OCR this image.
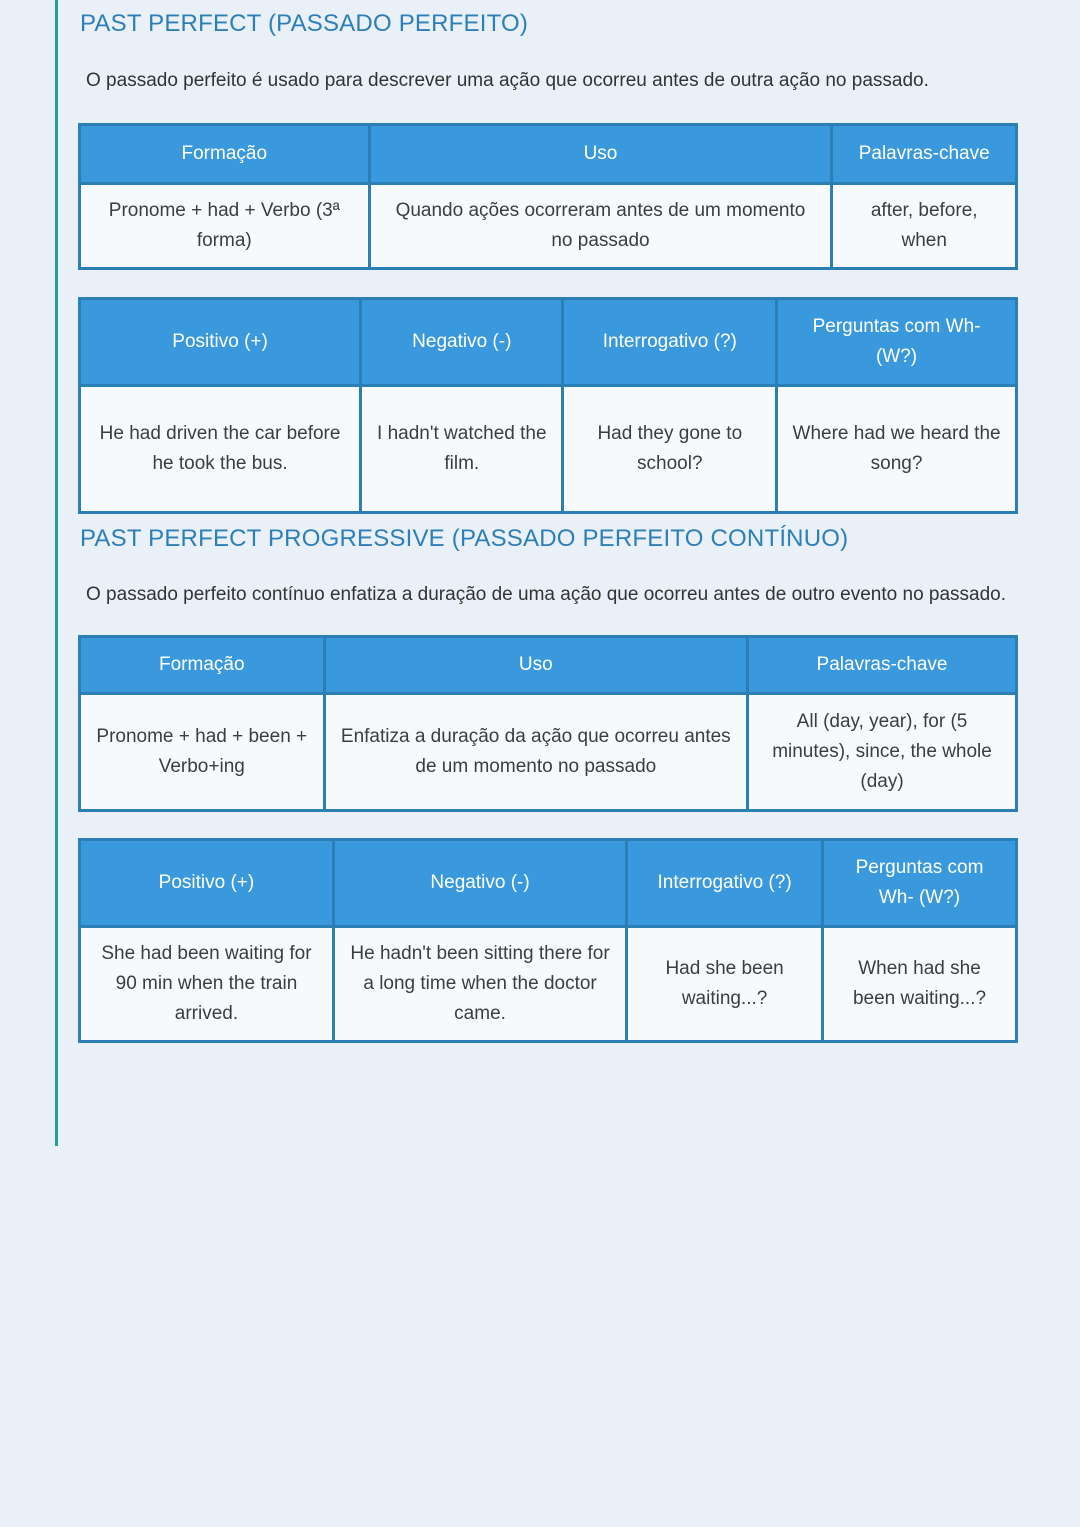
PAST PERFECT (PASSADO PERFEITO)

O passado perfeito é usado para descrever uma ação que ocorreu antes de outra ação no passado.

Formação	Uso	Palavras-chave
Pronome + had + Verbo (3ª forma)	Quando ações ocorreram antes de um momento no passado	after, before, when
Positivo (+)	Negativo (-)	Interrogativo (?)	Perguntas com Wh- (W?)
He had driven the car before he took the bus.	I hadn't watched the film.	Had they gone to school?	Where had we heard the song?
PAST PERFECT PROGRESSIVE (PASSADO PERFEITO CONTÍNUO)

O passado perfeito contínuo enfatiza a duração de uma ação que ocorreu antes de outro evento no passado.

Formação	Uso	Palavras-chave
Pronome + had + been + Verbo+ing	Enfatiza a duração da ação que ocorreu antes de um momento no passado	All (day, year), for (5 minutes), since, the whole (day)
Positivo (+)	Negativo (-)	Interrogativo (?)	Perguntas com Wh- (W?)
She had been waiting for 90 min when the train arrived.	He hadn't been sitting there for a long time when the doctor came.	Had she been waiting...?	When had she been waiting...?
